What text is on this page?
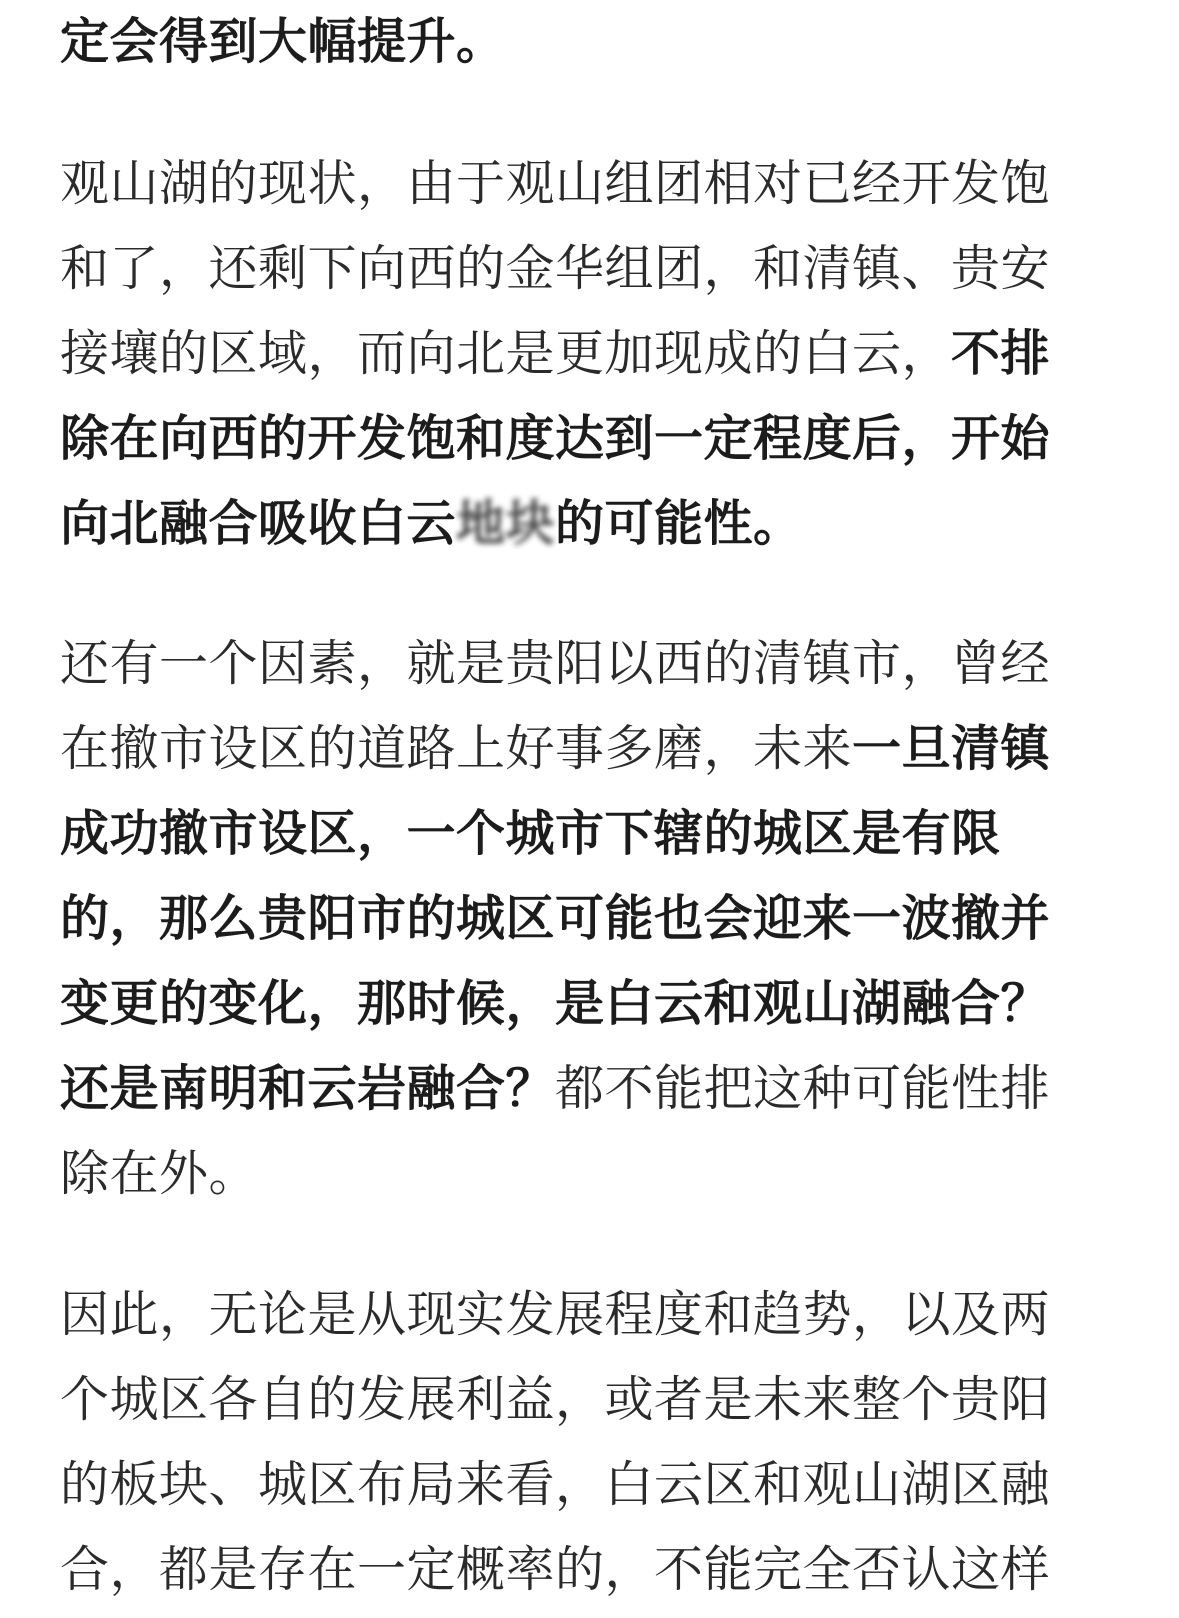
定会得到大幅提升。
观山湖的现状，由于观山组团相对已经开发饱
和了，还剩下向西的金华组团，和清镇、贵安
接壤的区域，而向北是更加现成的白云，不排
除在向西的开发饱和度达到一定程度后，开始
向北融合吸收白云地块的可能性。
还有一个因素，就是贵阳以西的清镇市，曾经
在撤市设区的道路上好事多磨，未来一旦清镇
成功撤市设区，一个城市下辖的城区是有限
的，那么贵阳市的城区可能也会迎来一波撤并
变更的变化，那时候，是白云和观山湖融合？
还是南明和云岩融合？都不能把这种可能性排
除在外。
因此，无论是从现实发展程度和趋势，以及两
个城区各自的发展利益，或者是未来整个贵阳
的板块、城区布局来看，白云区和观山湖区融
合，都是存在一定概率的，不能完全否认这样
